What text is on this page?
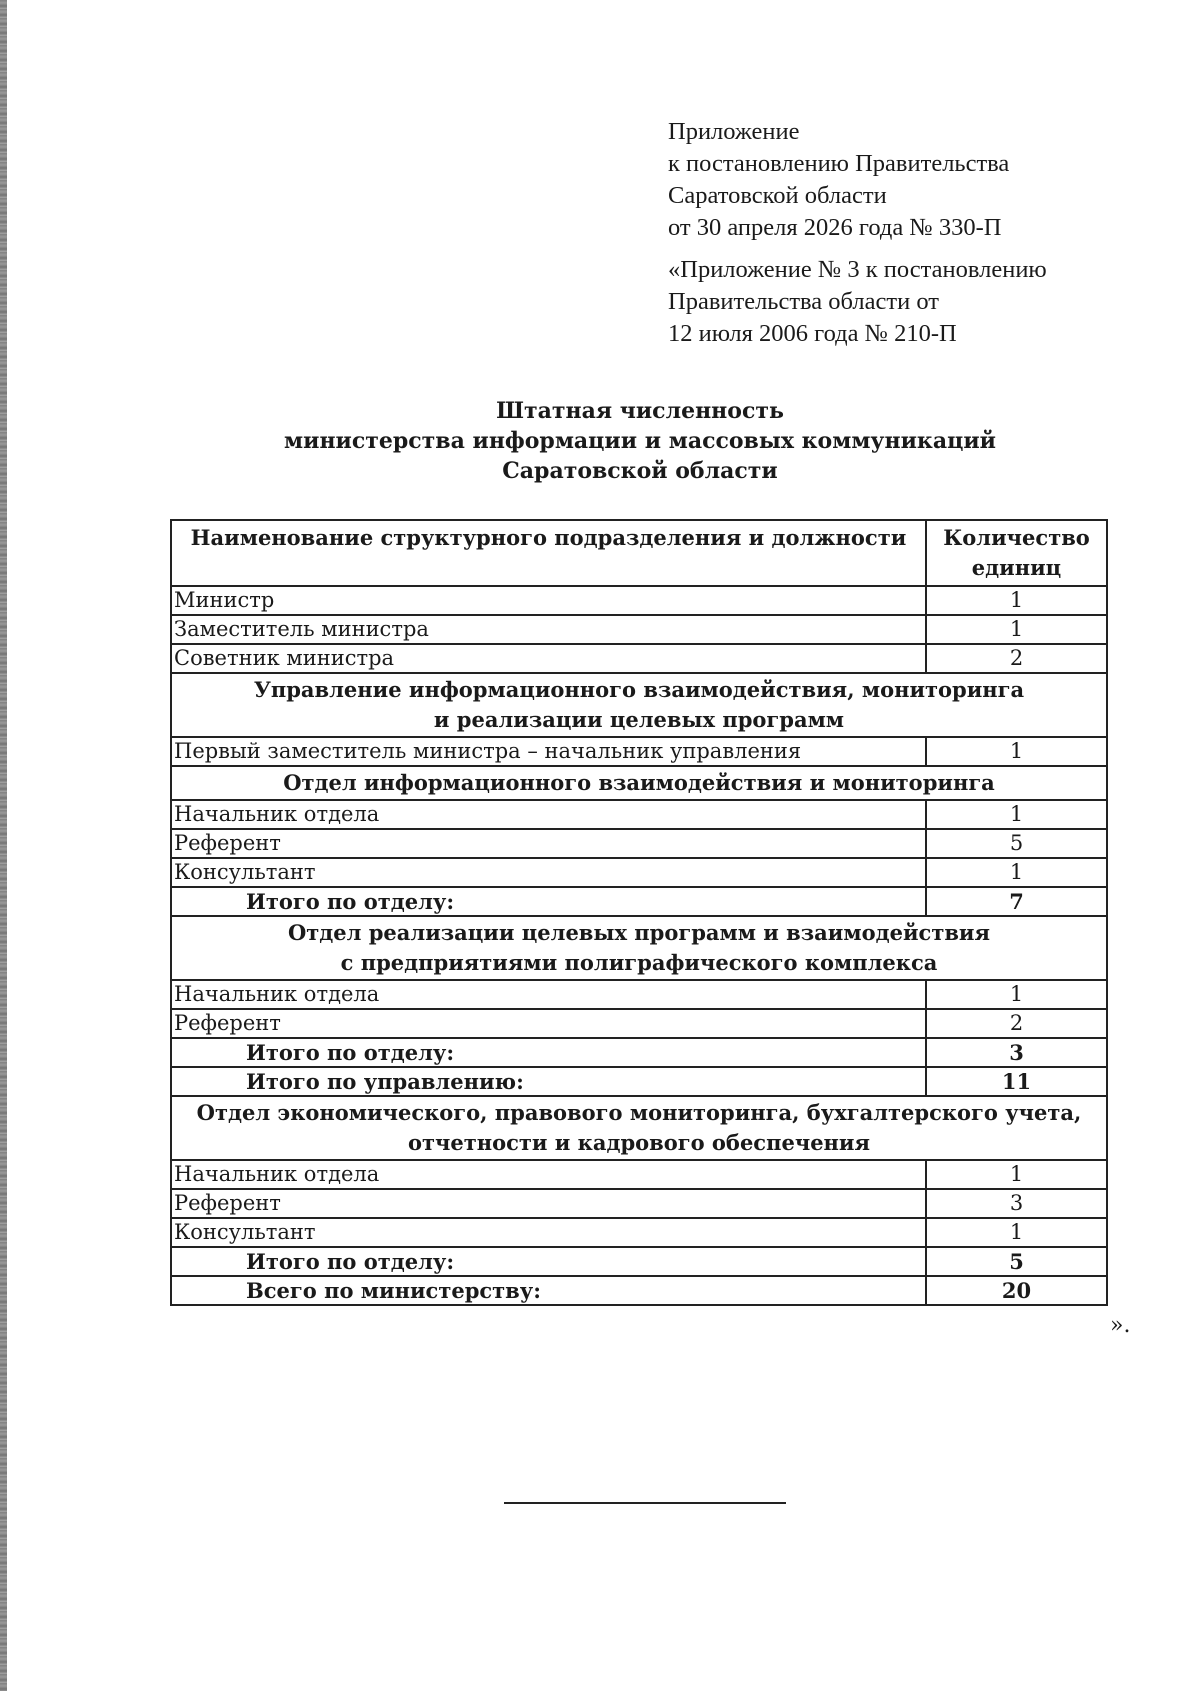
Приложение
к постановлению Правительства
Саратовской области
от 30 апреля 2026 года № 330-П
«Приложение № 3 к постановлению
Правительства области от
12 июля 2006 года № 210-П
Штатная численность
министерства информации и массовых коммуникаций
Саратовской области
Наименование структурного подразделения и должности	Количество
единиц

Министр	1
Заместитель министра	1
Советник министра	2

Управление информационного взаимодействия, мониторинга
и реализации целевых программ	

Первый заместитель министра – начальник управления	1

Отдел информационного взаимодействия и мониторинга	

Начальник отдела	1
Референт	5
Консультант	1
Итого по отделу:	7

Отдел реализации целевых программ и взаимодействия
с предприятиями полиграфического комплекса	

Начальник отдела	1
Референт	2
Итого по отделу:	3
Итого по управлению:	11

Отдел экономического, правового мониторинга, бухгалтерского учета,
отчетности и кадрового обеспечения	

Начальник отдела	1
Референт	3
Консультант	1
Итого по отделу:	5
Всего по министерству:	20
».
